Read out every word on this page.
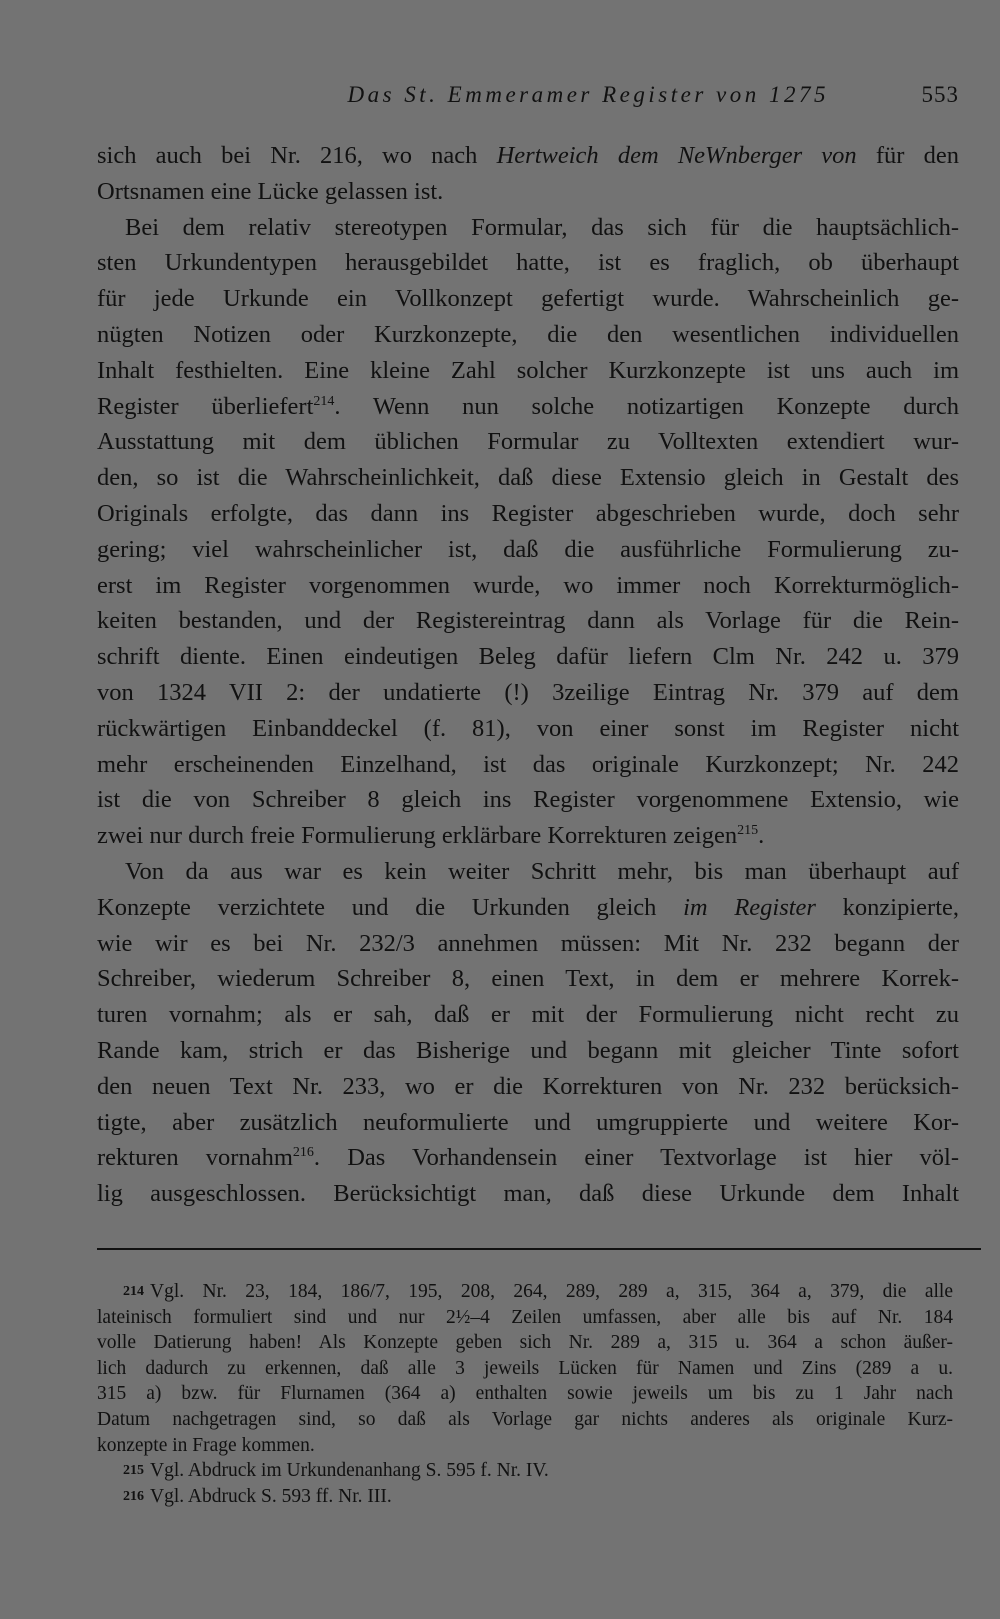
Das St. Emmeramer Register von 1275	553
sich auch bei Nr. 216, wo nach Hertweich dem NeWnberger von für den
Ortsnamen eine Lücke gelassen ist.
Bei dem relativ stereotypen Formular, das sich für die hauptsächlich-
sten Urkundentypen herausgebildet hatte, ist es fraglich, ob überhaupt
für jede Urkunde ein Vollkonzept gefertigt wurde. Wahrscheinlich ge-
nügten Notizen oder Kurzkonzepte, die den wesentlichen individuellen
Inhalt festhielten. Eine kleine Zahl solcher Kurzkonzepte ist uns auch im
Register überliefert$^{214}$. Wenn nun solche notizartigen Konzepte durch
Ausstattung mit dem üblichen Formular zu Volltexten extendiert wur-
den, so ist die Wahrscheinlichkeit, daß diese Extensio gleich in Gestalt des
Originals erfolgte, das dann ins Register abgeschrieben wurde, doch sehr
gering; viel wahrscheinlicher ist, daß die ausführliche Formulierung zu-
erst im Register vorgenommen wurde, wo immer noch Korrekturmöglich-
keiten bestanden, und der Registereintrag dann als Vorlage für die Rein-
schrift diente. Einen eindeutigen Beleg dafür liefern Clm Nr. 242 u. 379
von 1324 VII 2: der undatierte (!) 3zeilige Eintrag Nr. 379 auf dem
rückwärtigen Einbanddeckel (f. 81), von einer sonst im Register nicht
mehr erscheinenden Einzelhand, ist das originale Kurzkonzept; Nr. 242
ist die von Schreiber 8 gleich ins Register vorgenommene Extensio, wie
zwei nur durch freie Formulierung erklärbare Korrekturen zeigen$^{215}$.
Von da aus war es kein weiter Schritt mehr, bis man überhaupt auf
Konzepte verzichtete und die Urkunden gleich im Register konzipierte,
wie wir es bei Nr. 232/3 annehmen müssen: Mit Nr. 232 begann der
Schreiber, wiederum Schreiber 8, einen Text, in dem er mehrere Korrek-
turen vornahm; als er sah, daß er mit der Formulierung nicht recht zu
Rande kam, strich er das Bisherige und begann mit gleicher Tinte sofort
den neuen Text Nr. 233, wo er die Korrekturen von Nr. 232 berücksich-
tigte, aber zusätzlich neuformulierte und umgruppierte und weitere Kor-
rekturen vornahm$^{216}$. Das Vorhandensein einer Textvorlage ist hier völ-
lig ausgeschlossen. Berücksichtigt man, daß diese Urkunde dem Inhalt
214 Vgl. Nr. 23, 184, 186/7, 195, 208, 264, 289, 289 a, 315, 364 a, 379, die alle
lateinisch formuliert sind und nur 2½–4 Zeilen umfassen, aber alle bis auf Nr. 184
volle Datierung haben! Als Konzepte geben sich Nr. 289 a, 315 u. 364 a schon äußer-
lich dadurch zu erkennen, daß alle 3 jeweils Lücken für Namen und Zins (289 a u.
315 a) bzw. für Flurnamen (364 a) enthalten sowie jeweils um bis zu 1 Jahr nach
Datum nachgetragen sind, so daß als Vorlage gar nichts anderes als originale Kurz-
konzepte in Frage kommen.
215 Vgl. Abdruck im Urkundenanhang S. 595 f. Nr. IV.
216 Vgl. Abdruck S. 593 ff. Nr. III.
